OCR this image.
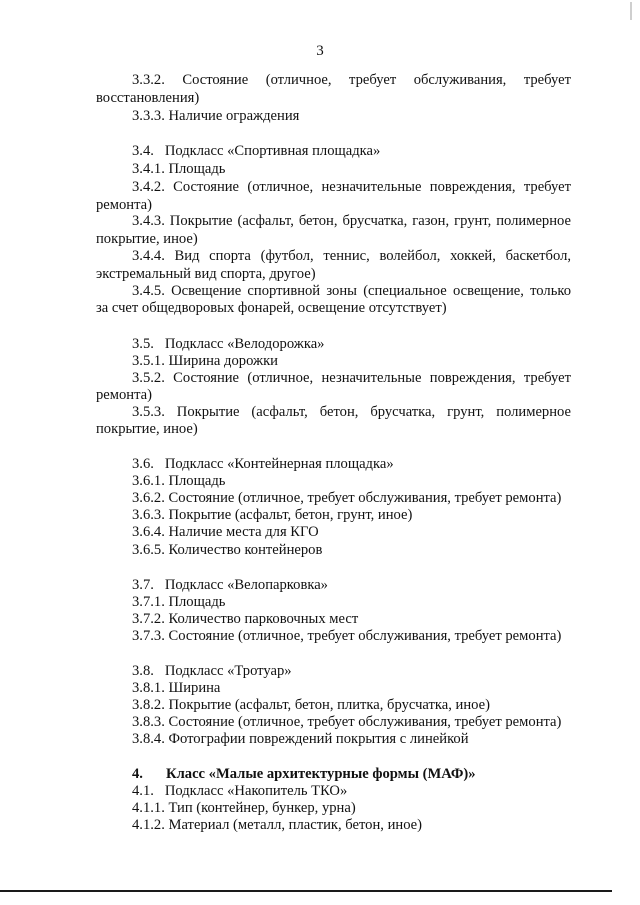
3
3.3.2. Состояние (отличное, требует обслуживания, требует
восстановления)
3.3.3. Наличие ограждения
3.4.   Подкласс «Спортивная площадка»
3.4.1. Площадь
3.4.2. Состояние (отличное, незначительные повреждения, требует
ремонта)
3.4.3. Покрытие (асфальт, бетон, брусчатка, газон, грунт, полимерное
покрытие, иное)
3.4.4. Вид спорта (футбол, теннис, волейбол, хоккей, баскетбол,
экстремальный вид спорта, другое)
3.4.5. Освещение спортивной зоны (специальное освещение, только
за счет общедворовых фонарей, освещение отсутствует)
3.5.   Подкласс «Велодорожка»
3.5.1. Ширина дорожки
3.5.2. Состояние (отличное, незначительные повреждения, требует
ремонта)
3.5.3. Покрытие (асфальт, бетон, брусчатка, грунт, полимерное
покрытие, иное)
3.6.   Подкласс «Контейнерная площадка»
3.6.1. Площадь
3.6.2. Состояние (отличное, требует обслуживания, требует ремонта)
3.6.3. Покрытие (асфальт, бетон, грунт, иное)
3.6.4. Наличие места для КГО
3.6.5. Количество контейнеров
3.7.   Подкласс «Велопарковка»
3.7.1. Площадь
3.7.2. Количество парковочных мест
3.7.3. Состояние (отличное, требует обслуживания, требует ремонта)
3.8.   Подкласс «Тротуар»
3.8.1. Ширина
3.8.2. Покрытие (асфальт, бетон, плитка, брусчатка, иное)
3.8.3. Состояние (отличное, требует обслуживания, требует ремонта)
3.8.4. Фотографии повреждений покрытия с линейкой
4. Класс «Малые архитектурные формы (МАФ)»
4.1.   Подкласс «Накопитель ТКО»
4.1.1. Тип (контейнер, бункер, урна)
4.1.2. Материал (металл, пластик, бетон, иное)
